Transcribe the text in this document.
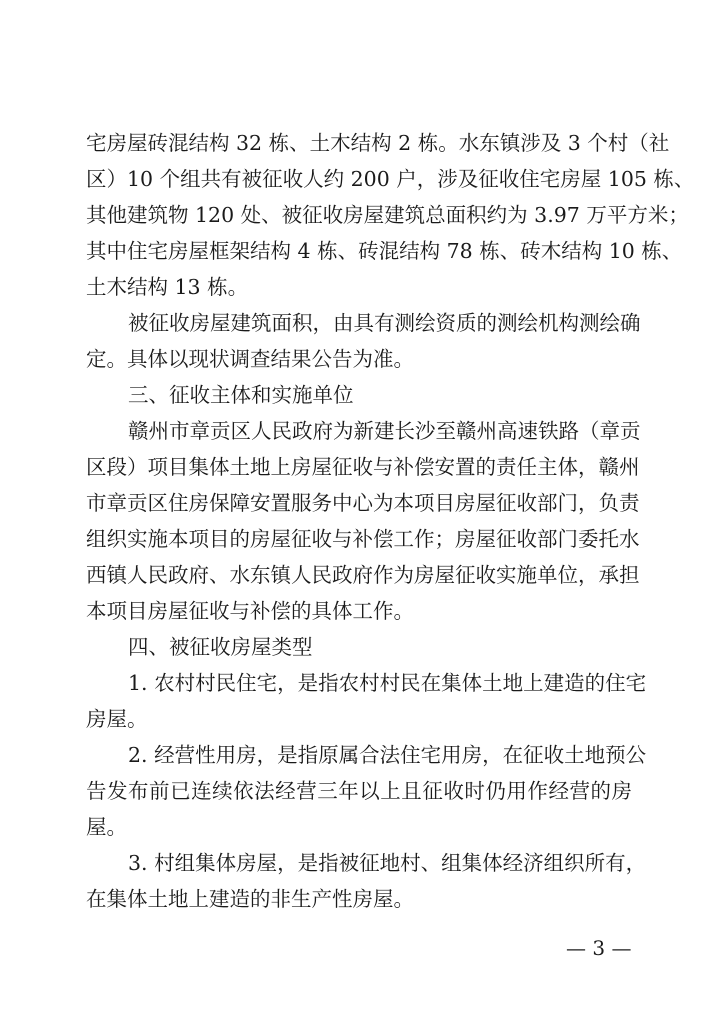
宅房屋砖混结构 32 栋、土木结构 2 栋。水东镇涉及 3 个村（社
区）10 个组共有被征收人约 200 户，涉及征收住宅房屋 105 栋、
其他建筑物 120 处、被征收房屋建筑总面积约为 3.97 万平方米；
其中住宅房屋框架结构 4 栋、砖混结构 78 栋、砖木结构 10 栋、
土木结构 13 栋。
被征收房屋建筑面积，由具有测绘资质的测绘机构测绘确
定。具体以现状调查结果公告为准。
三、征收主体和实施单位
赣州市章贡区人民政府为新建长沙至赣州高速铁路（章贡
区段）项目集体土地上房屋征收与补偿安置的责任主体，赣州
市章贡区住房保障安置服务中心为本项目房屋征收部门，负责
组织实施本项目的房屋征收与补偿工作；房屋征收部门委托水
西镇人民政府、水东镇人民政府作为房屋征收实施单位，承担
本项目房屋征收与补偿的具体工作。
四、被征收房屋类型
1. 农村村民住宅，是指农村村民在集体土地上建造的住宅
房屋。
2. 经营性用房，是指原属合法住宅用房，在征收土地预公
告发布前已连续依法经营三年以上且征收时仍用作经营的房
屋。
3. 村组集体房屋，是指被征地村、组集体经济组织所有，
在集体土地上建造的非生产性房屋。
— 3 —
